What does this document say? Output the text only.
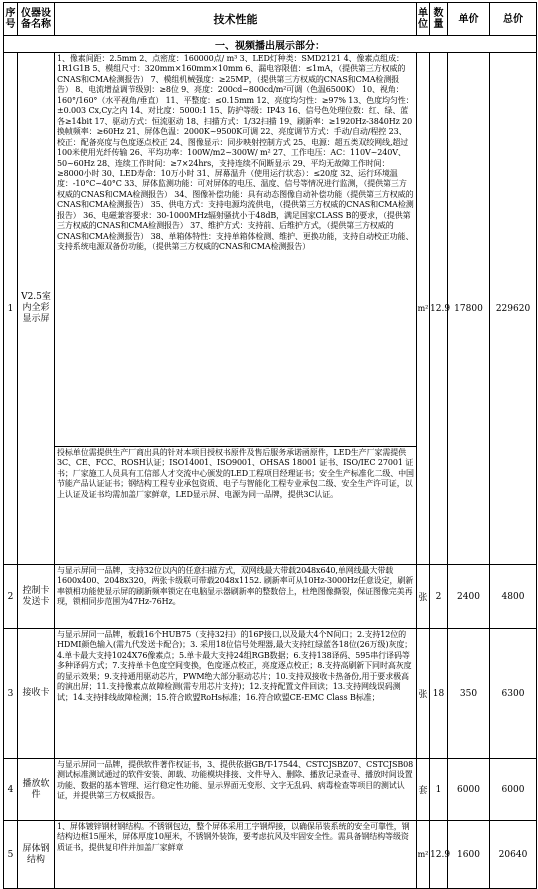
序号	仪器设备名称	技术性能	单位	数量	单价	总价
一、视频播出展示部分：						
1	V2.5室内全彩显示屏	1、像素间距：2.5mm 2、点密度：160000点/ m³ 3、LED灯种类：SMD2121 4、像素点组成：1R1G1B 5、模组尺寸：320mm×160mm×10mm 6、漏电容限值：≤1mA，（提供第三方权威的CNAS和CMA检测报告） 7、模组机械强度：≥25MP，（提供第三方权威的CNAS和CMA检测报告） 8、电流增益调节级别：≥8位 9、亮度：200cd~800cd/m²可调（色温6500K） 10、视角：160°/160°（水平视角/垂直） 11、平整度：≤0.15mm 12、亮度均匀性：≥97% 13、色度均匀性：±0.003 Cx,Cy之内 14、对比度：5000:1 15、防护等级：IP43 16、信号色处理位数：红、绿、蓝各≥14bit 17、驱动方式：恒流驱动 18、扫描方式：1/32扫描 19、刷新率：≥1920Hz-3840Hz 20换帧频率：≥60Hz 21、屏体色温：2000K~9500K可调 22、亮度调节方式：手动/自动/程控 23、校正：配备亮度与色度逐点校正 24、图像显示：同步映射控制方式 25、电源：超五类双绞网线,超过100米使用光纤传输 26、平均功率：100W/m2~300W/ m² 27、工作电压：AC：110V~240V、50~60Hz 28、连续工作时间：≥7×24hrs，支持连续不间断显示 29、平均无故障工作时间：≥8000小时 30、LED寿命：10万小时 31、屏幕温升（使用运行状态）：≤20度 32、运行环境温度：-10°C~40°C 33、屏体监测功能：可对屏体的电压、温度、信号等情况进行监测，（提供第三方权威的CNAS和CMA检测报告） 34、图像补偿功能：具有动态图像自动补偿功能（提供第三方权威的CNAS和CMA检测报告） 35、供电方式：支持电源均流供电，（提供第三方权威的CNAS和CMA检测报告） 36、电磁兼容要求：30-1000MHz辐射骚扰小于48dB，满足国家CLASS B的要求，（提供第三方权威的CNAS和CMA检测报告） 37、维护方式：支持前、后维护方式，（提供第三方权威的CNAS和CMA检测报告） 38、单箱体特性：支持单箱体检测、维护、更换功能，支持自动校正功能、支持系统电源双备份功能，（提供第三方权威的CNAS和CMA检测报告）	m²	12.9	17800	229620
		投标单位需提供生产厂商出具的针对本项目授权书原件及售后服务承诺函原件，LED生产厂家需提供3C、CE、FCC、ROSH认证；ISO14001、ISO9001、OHSAS 18001 证书、ISO/IEC 27001 证书；厂家施工人员具有工信部人才交流中心颁发的LED工程项目经理证书；安全生产标准化二级、中国节能产品认证证书；钢结构工程专业承包资质、电子与智能化工程专业承包二级、安全生产许可证，以上认证及证书均需加盖厂家鲜章，LED显示屏、电源为同一品牌，提供3C认证。				
2	控制卡发送卡	与显示屏同一品牌，支持32位以内的任意扫描方式，双网线最大带载2048x640,单网线最大带载1600x400、2048x320，两张卡级联可带载2048x1152. 刷新率可从10Hz-3000Hz任意设定，刷新率锁相功能使显示屏的刷新频率锁定在电脑显示器刷新率的整数倍上，杜绝图像撕裂，保证图像完美再现，锁相同步范围为47Hz-76Hz。	张	2	2400	4800
3	接收卡	与显示屏同一品牌，板载16个HUB75（支持32扫）的16P接口,以及最大4个N间口；2.支持12位的HDMI颜色输入(需九代发送卡配合)；3. 采用18位信号处理器,最大支持红绿蓝各18位(26万级)灰度；4.单卡最大支持1024X76像素点；5.单卡最大支持24组RGB数据；6.支持138译码、595串行译码等多种译码方式；7.支持单卡色度空间变换，色度逐点校正，亮度逐点校正；8.支持高刷新下同时高灰度的显示效果；9.支持通用驱动芯片，PWM绝大部分驱动芯片；10.支持双接收卡热备份,用于要求极高的演出屏；11.支持像素点故障检测(需专用芯片支持)；12.支持配置文件回读；13.支持网线误码测试；14.支持排线故障检测；15.符合欧盟RoHs标准；16.符合欧盟CE-EMC Class B标准；	张	18	350	6300
4	播放软件	与显示屏同一品牌，提供软件著作权证书，3、提供依据GB/T-17544、CSTCJSBZ07、CSTCJSB08测试标准测试通过的软件安装、卸载、功能模块排接、文件导入、删除、播放记录查寻、播放时间设置功能、数据的基本管理、运行稳定性功能、显示界面无变形、文字无乱码、病毒检查等项目的测试认证，并提供第三方权威报告。	套	1	6000	6000
5	屏体钢结构	1、屏体镀锌钢材钢结构。不锈钢包边，整个屏体采用工字钢焊接，以确保吊装系统的安全可靠性，钢结构边框15厘米，屏体厚度10厘米，不锈钢外装饰，要考虑抗风及牢固安全性。需具备钢结构等级资质证书，提供复印件并加盖厂家鲜章	m²	12.9	1600	20640
